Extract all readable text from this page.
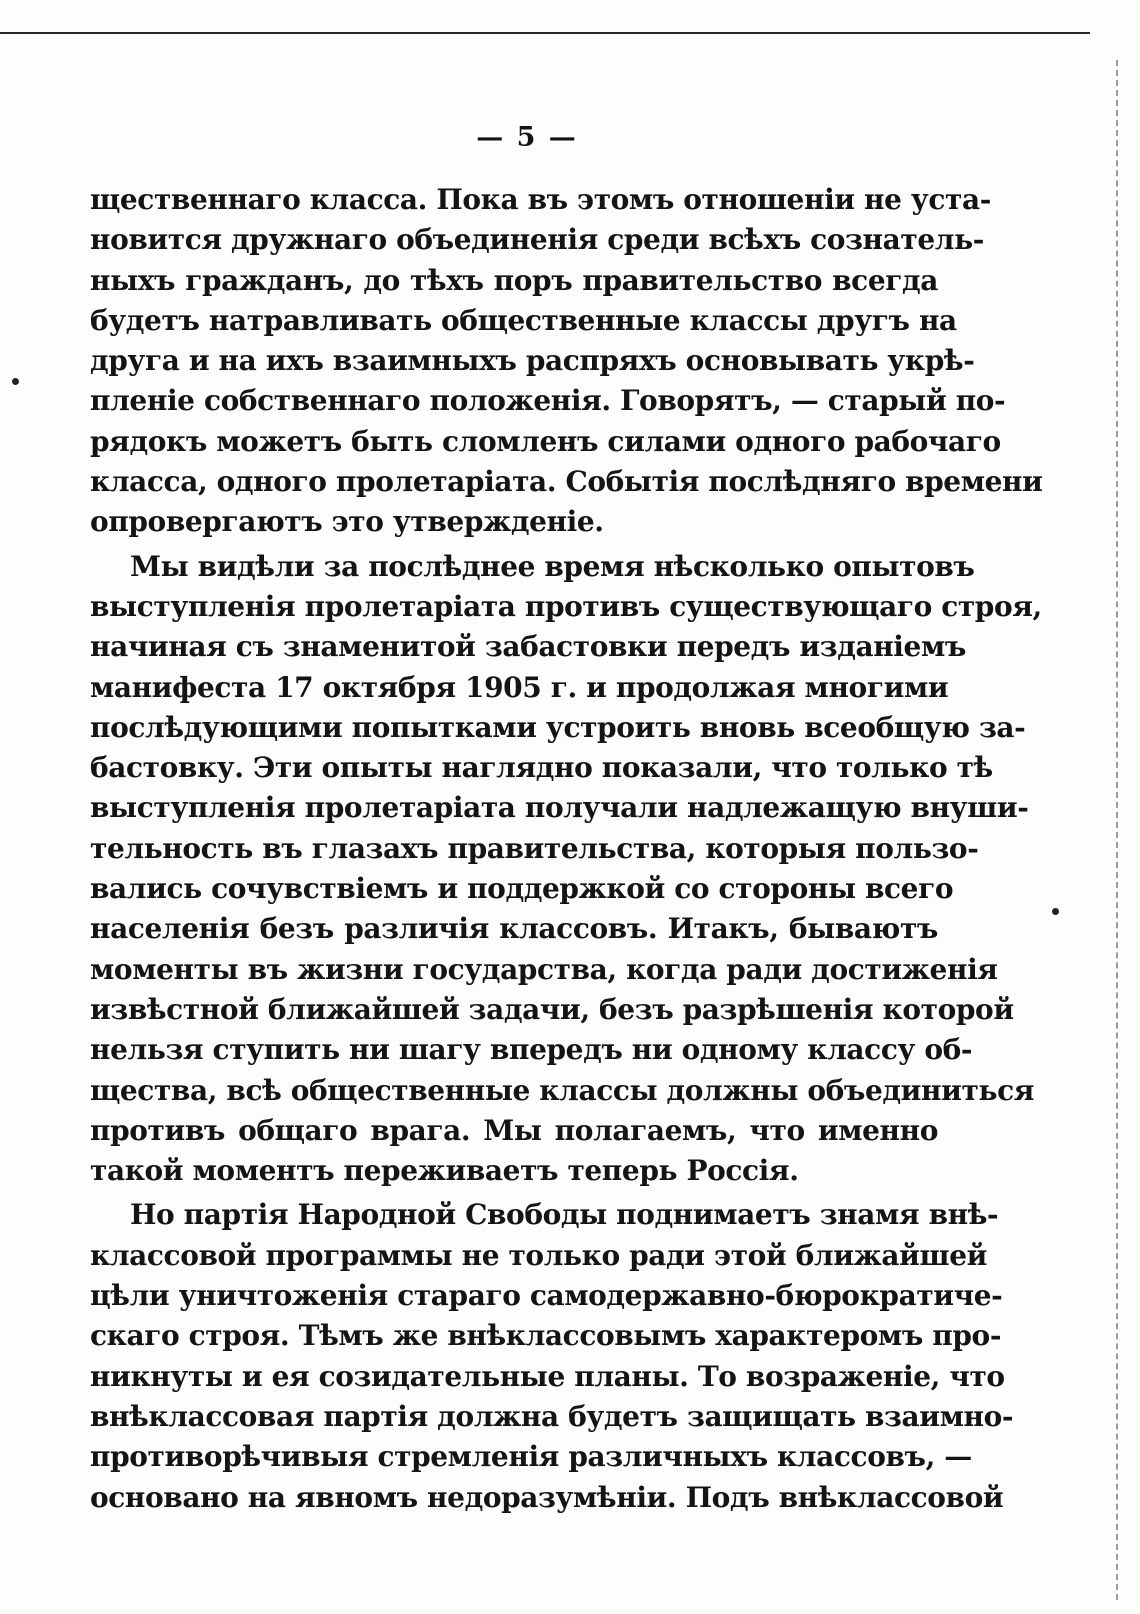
— 5 —
щественнаго класса. Пока въ этомъ отношеніи не уста-
новится дружнаго объединенія среди всѣхъ сознатель-
ныхъ гражданъ, до тѣхъ поръ правительство всегда
будетъ натравливать общественные классы другъ на
друга и на ихъ взаимныхъ распряхъ основывать укрѣ-
пленіе собственнаго положенія. Говорятъ, — старый по-
рядокъ можетъ быть сломленъ силами одного рабочаго
класса, одного пролетаріата. Событія послѣдняго времени
опровергаютъ это утвержденіе.
Мы видѣли за послѣднее время нѣсколько опытовъ
выступленія пролетаріата противъ существующаго строя,
начиная съ знаменитой забастовки передъ изданіемъ
манифеста 17 октября 1905 г. и продолжая многими
послѣдующими попытками устроить вновь всеобщую за-
бастовку. Эти опыты наглядно показали, что только тѣ
выступленія пролетаріата получали надлежащую внуши-
тельность въ глазахъ правительства, которыя пользо-
вались сочувствіемъ и поддержкой со стороны всего
населенія безъ различія классовъ. Итакъ, бываютъ
моменты въ жизни государства, когда ради достиженія
извѣстной ближайшей задачи, безъ разрѣшенія которой
нельзя ступить ни шагу впередъ ни одному классу об-
щества, всѣ общественные классы должны объединиться
противъ общаго врага. Мы полагаемъ, что именно
такой моментъ переживаетъ теперь Россія.
Но партія Народной Свободы поднимаетъ знамя внѣ-
классовой программы не только ради этой ближайшей
цѣли уничтоженія стараго самодержавно-бюрократиче-
скаго строя. Тѣмъ же внѣклассовымъ характеромъ про-
никнуты и ея созидательные планы. То возраженіе, что
внѣклассовая партія должна будетъ защищать взаимно-
противорѣчивыя стремленія различныхъ классовъ, —
основано на явномъ недоразумѣніи. Подъ внѣклассовой
